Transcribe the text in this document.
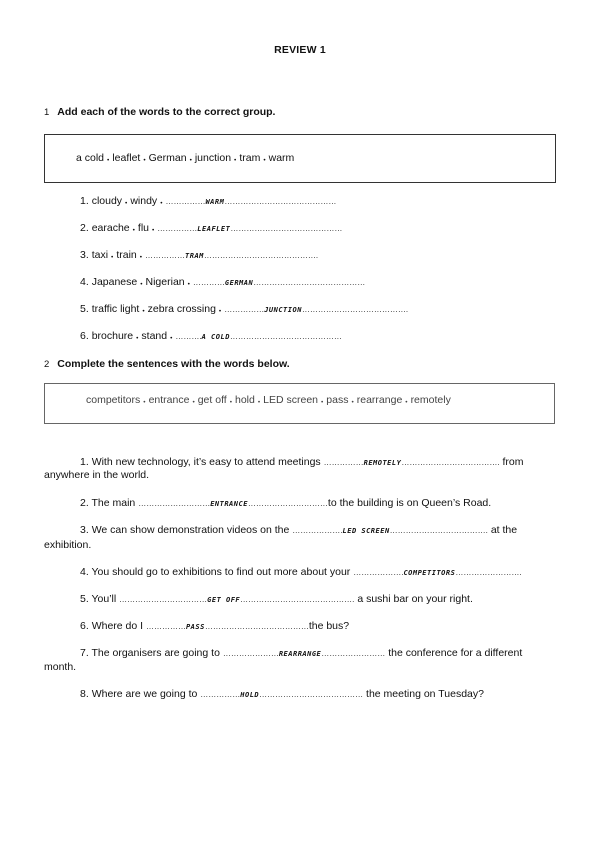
REVIEW 1
1 Add each of the words to the correct group.
a cold • leaflet • German • junction • tram • warm
1. cloudy • windy • ……………WARM……………………………………
2. earache • flu • ……………LEAFLET……………………………………
3. taxi • train • ……………TRAM…………………………………….
4. Japanese • Nigerian • …………GERMAN……………………………………
5. traffic light • zebra crossing • ……………JUNCTION………………………………….
6. brochure • stand • ……….A COLD……………………………………
2 Complete the sentences with the words below.
competitors • entrance • get off • hold • LED screen • pass • rearrange • remotely
1. With new technology, it’s easy to attend meetings ……………REMOTELY………………………………. from
anywhere in the world.
2. The main ………………………ENTRANCE…………………………to the building is on Queen’s Road.
3. We can show demonstration videos on the ……………….LED SCREEN………………………………. at the
exhibition.
4. You should go to exhibitions to find out more about your ……………….COMPETITORS…………………….
5. You’ll ……………………………GET OFF……………………………………. a sushi bar on your right.
6. Where do I ……………PASS…………………………………the bus?
7. The organisers are going to …………………REARRANGE…………………… the conference for a different
month.
8. Where are we going to ……………HOLD………………………………… the meeting on Tuesday?
